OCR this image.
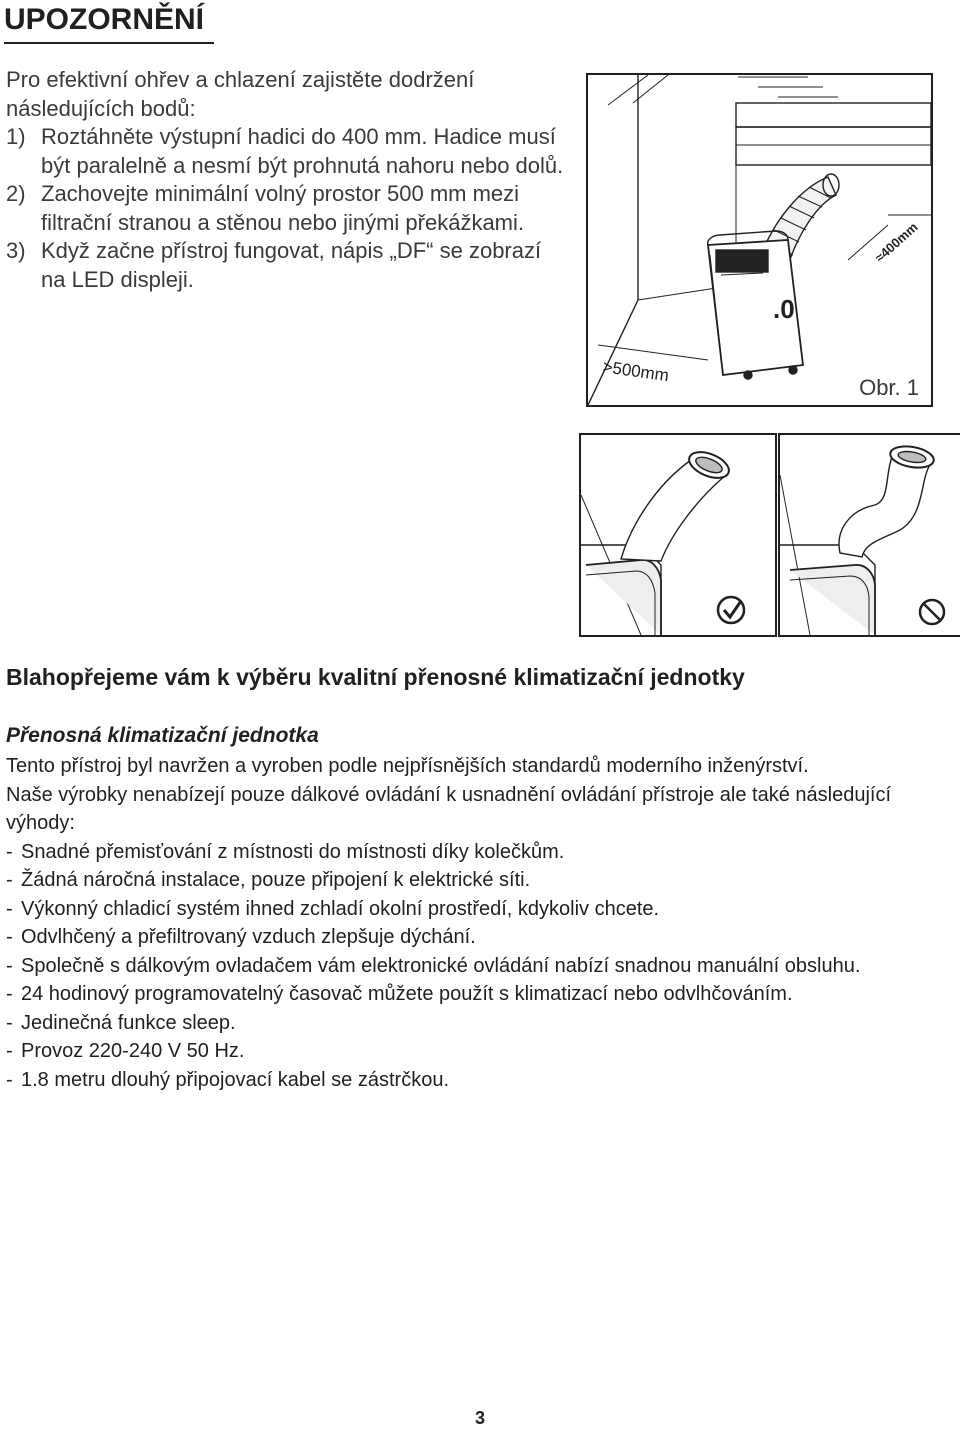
UPOZORNĚNÍ

Pro efektivní ohřev a chlazení zajistěte dodržení následujících bodů:

1) Roztáhněte výstupní hadici do 400 mm. Hadice musí být paralelně a nesmí být prohnutá nahoru nebo dolů.
2) Zachovejte minimální volný prostor 500 mm mezi filtrační stranou a stěnou nebo jinými překážkami.
3) Když začne přístroj fungovat, nápis „DF“ se zobrazí na LED displeji.
.0
>500mm
≈400mm
Obr. 1
Blahopřejeme vám k výběru kvalitní přenosné klimatizační jednotky
Přenosná klimatizační jednotka

Tento přístroj byl navržen a vyroben podle nejpřísnějších standardů moderního inženýrství.

Naše výrobky nenabízejí pouze dálkové ovládání k usnadnění ovládání přístroje ale také následující výhody:

- Snadné přemisťování z místnosti do místnosti díky kolečkům.
- Žádná náročná instalace, pouze připojení k elektrické síti.
- Výkonný chladicí systém ihned zchladí okolní prostředí, kdykoliv chcete.
- Odvlhčený a přefiltrovaný vzduch zlepšuje dýchání.
- Společně s dálkovým ovladačem vám elektronické ovládání nabízí snadnou manuální obsluhu.
- 24 hodinový programovatelný časovač můžete použít s klimatizací nebo odvlhčováním.
- Jedinečná funkce sleep.
- Provoz 220-240 V 50 Hz.
- 1.8 metru dlouhý připojovací kabel se zástrčkou.
3
